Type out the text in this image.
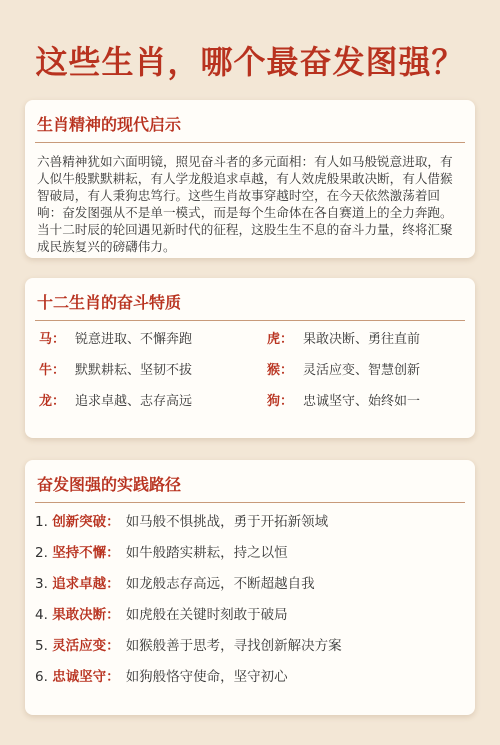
这些生肖，哪个最奋发图强？
生肖精神的现代启示
六兽精神犹如六面明镜，照见奋斗者的多元面相：有人如马般锐意进取，有人似牛般默默耕耘，有人学龙般追求卓越，有人效虎般果敢决断，有人借猴智破局，有人秉狗忠笃行。这些生肖故事穿越时空，在今天依然激荡着回响：奋发图强从不是单一模式，而是每个生命体在各自赛道上的全力奔跑。当十二时辰的轮回遇见新时代的征程，这股生生不息的奋斗力量，终将汇聚成民族复兴的磅礴伟力。
十二生肖的奋斗特质
马： 锐意进取、不懈奔跑	虎： 果敢决断、勇往直前
牛： 默默耕耘、坚韧不拔	猴： 灵活应变、智慧创新
龙： 追求卓越、志存高远	狗： 忠诚坚守、始终如一
奋发图强的实践路径
1. 创新突破： 如马般不惧挑战，勇于开拓新领域
2. 坚持不懈： 如牛般踏实耕耘，持之以恒
3. 追求卓越： 如龙般志存高远，不断超越自我
4. 果敢决断： 如虎般在关键时刻敢于破局
5. 灵活应变： 如猴般善于思考，寻找创新解决方案
6. 忠诚坚守： 如狗般恪守使命，坚守初心
